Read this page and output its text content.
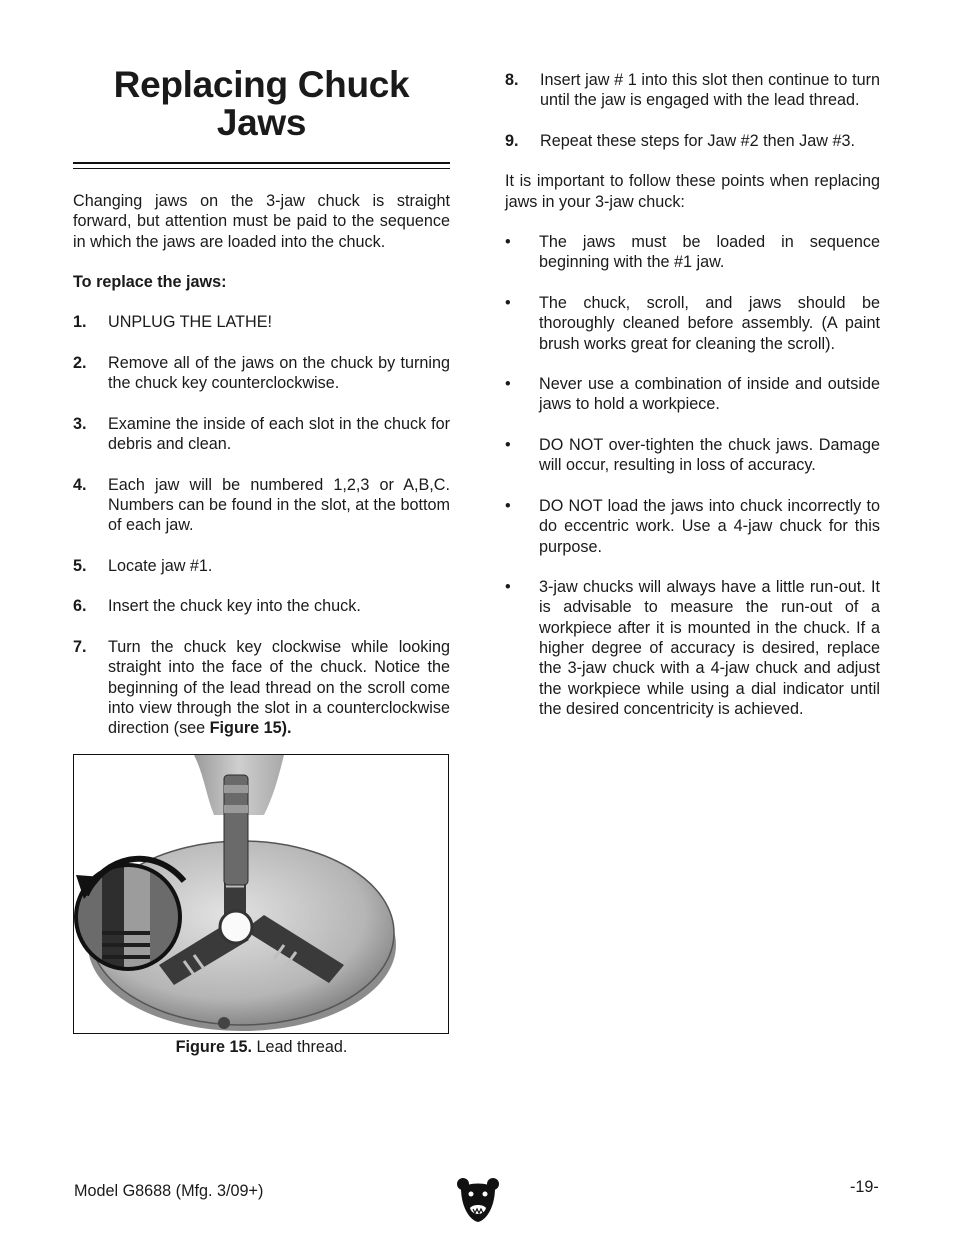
Replacing Chuck Jaws

Changing jaws on the 3-jaw chuck is straight forward, but attention must be paid to the sequence in which the jaws are loaded into the chuck.

To replace the jaws:

1.	UNPLUG THE LATHE!
2.	Remove all of the jaws on the chuck by turning the chuck key counterclockwise.
3.	Examine the inside of each slot in the chuck for debris and clean.
4.	Each jaw will be numbered 1,2,3 or A,B,C. Numbers can be found in the slot, at the bottom of each jaw.
5.	Locate jaw #1.
6.	Insert the chuck key into the chuck.
7.	Turn the chuck key clockwise while looking straight into the face of the chuck. Notice the beginning of the lead thread on the scroll come into view through the slot in a counterclockwise direction (see Figure 15).
8.	Insert jaw # 1 into this slot then continue to turn until the jaw is engaged with the lead thread.
9.	Repeat these steps for Jaw #2 then Jaw #3.

It is important to follow these points when replacing jaws in your 3-jaw chuck:

•	The jaws must be loaded in sequence beginning with the #1 jaw.
•	The chuck, scroll, and jaws should be thoroughly cleaned before assembly. (A paint brush works great for cleaning the scroll).
•	Never use a combination of inside and outside jaws to hold a workpiece.
•	DO NOT over-tighten the chuck jaws. Damage will occur, resulting in loss of accuracy.
•	DO NOT load the jaws into chuck incorrectly to do eccentric work. Use a 4-jaw chuck for this purpose.
•	3-jaw chucks will always have a little run-out. It is advisable to measure the run-out of a workpiece after it is mounted in the chuck. If a higher degree of accuracy is desired, replace the 3-jaw chuck with a 4-jaw chuck and adjust the workpiece while using a dial indicator until the desired concentricity is achieved.
Figure 15. Lead thread.
Model G8688 (Mfg. 3/09+)	-19-
